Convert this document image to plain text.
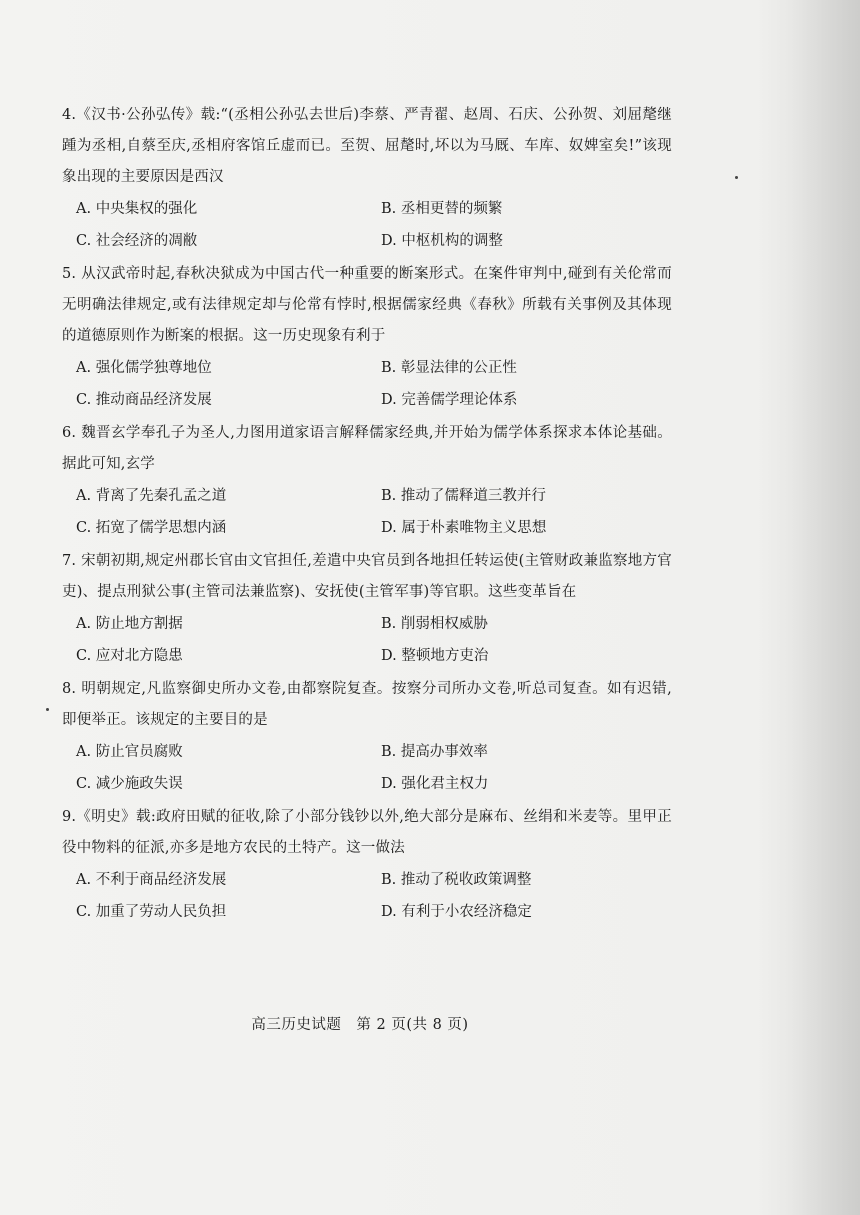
4.《汉书·公孙弘传》载:“(丞相公孙弘去世后)李蔡、严青翟、赵周、石庆、公孙贺、刘屈氂继踵为丞相,自蔡至庆,丞相府客馆丘虚而已。至贺、屈氂时,坏以为马厩、车库、奴婢室矣!”该现象出现的主要原因是西汉
A. 中央集权的强化	B. 丞相更替的频繁
C. 社会经济的凋敝	D. 中枢机构的调整
5. 从汉武帝时起,春秋决狱成为中国古代一种重要的断案形式。在案件审判中,碰到有关伦常而无明确法律规定,或有法律规定却与伦常有悖时,根据儒家经典《春秋》所载有关事例及其体现的道德原则作为断案的根据。这一历史现象有利于
A. 强化儒学独尊地位	B. 彰显法律的公正性
C. 推动商品经济发展	D. 完善儒学理论体系
6. 魏晋玄学奉孔子为圣人,力图用道家语言解释儒家经典,并开始为儒学体系探求本体论基础。据此可知,玄学
A. 背离了先秦孔孟之道	B. 推动了儒释道三教并行
C. 拓宽了儒学思想内涵	D. 属于朴素唯物主义思想
7. 宋朝初期,规定州郡长官由文官担任,差遣中央官员到各地担任转运使(主管财政兼监察地方官吏)、提点刑狱公事(主管司法兼监察)、安抚使(主管军事)等官职。这些变革旨在
A. 防止地方割据	B. 削弱相权威胁
C. 应对北方隐患	D. 整顿地方吏治
8. 明朝规定,凡监察御史所办文卷,由都察院复查。按察分司所办文卷,听总司复查。如有迟错,即便举正。该规定的主要目的是
A. 防止官员腐败	B. 提高办事效率
C. 减少施政失误	D. 强化君主权力
9.《明史》载:政府田赋的征收,除了小部分钱钞以外,绝大部分是麻布、丝绢和米麦等。里甲正役中物料的征派,亦多是地方农民的土特产。这一做法
A. 不利于商品经济发展	B. 推动了税收政策调整
C. 加重了劳动人民负担	D. 有利于小农经济稳定
高三历史试题　第 2 页(共 8 页)
